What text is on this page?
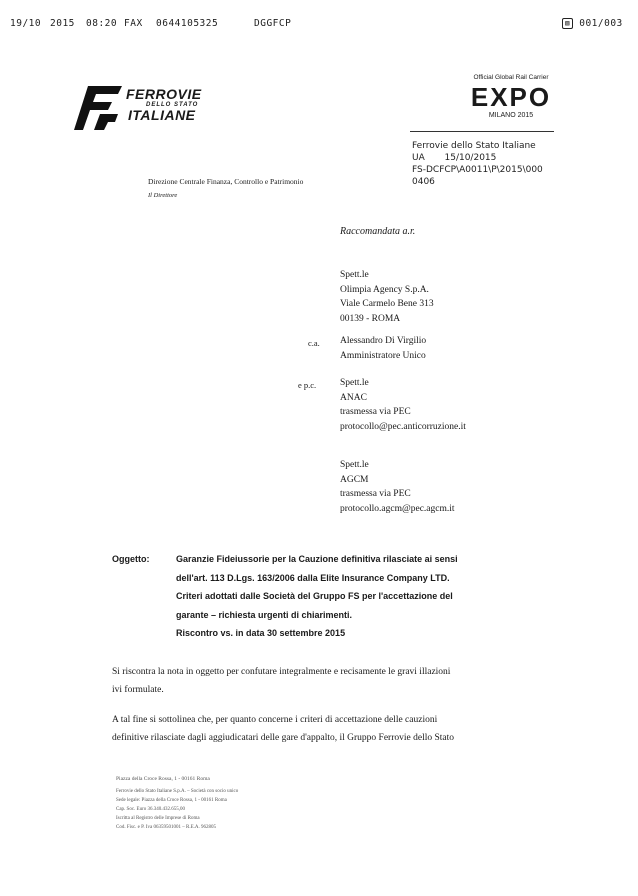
19/10 2015 08:20 FAX 0644105325	DGGFCP	▧ 001/003
FERROVIE
DELLO STATO
ITALIANE
Official Global Rail Carrier
EXPO
MILANO 2015
Ferrovie dello Stato Italiane
UA 15/10/2015
FS-DCFCP\A0011\P\2015\000
0406
Direzione Centrale Finanza, Controllo e Patrimonio
Il Direttore
Raccomandata a.r.
Spett.le
Olimpia Agency S.p.A.
Viale Carmelo Bene 313
00139 - ROMA
c.a. Alessandro Di Virgilio
Amministratore Unico
e p.c.	Spett.le
ANAC
trasmessa via PEC
protocollo@pec.anticorruzione.it
Spett.le
AGCM
trasmessa via PEC
protocollo.agcm@pec.agcm.it
Oggetto:	Garanzie Fideiussorie per la Cauzione definitiva rilasciate ai sensi
dell'art. 113 D.Lgs. 163/2006 dalla Elite Insurance Company LTD.
Criteri adottati dalle Società del Gruppo FS per l'accettazione del
garante – richiesta urgenti di chiarimenti.
Riscontro vs. in data 30 settembre 2015
Si riscontra la nota in oggetto per confutare integralmente e recisamente le gravi illazioni
ivi formulate.
A tal fine si sottolinea che, per quanto concerne i criteri di accettazione delle cauzioni
definitive rilasciate dagli aggiudicatari delle gare d'appalto, il Gruppo Ferrovie dello Stato
Piazza della Croce Rossa, 1 - 00161 Roma
Ferrovie dello Stato Italiane S.p.A. – Società con socio unico
Sede legale: Piazza della Croce Rossa, 1 - 00161 Roma
Cap. Soc. Euro 36.340.432.655,00
Iscritta al Registro delle Imprese di Roma
Cod. Fisc. e P. Iva 06359501001 – R.E.A. 962805
